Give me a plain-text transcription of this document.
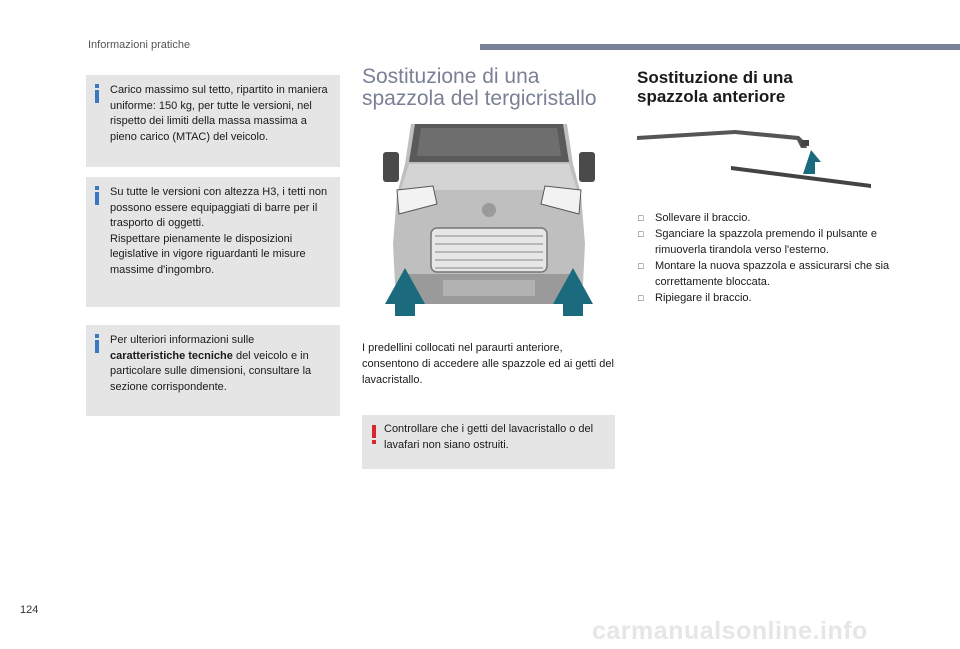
Informazioni pratiche

Carico massimo sul tetto, ripartito in maniera uniforme: 150 kg, per tutte le versioni, nel rispetto dei limiti della massa massima a pieno carico (MTAC) del veicolo.

Su tutte le versioni con altezza H3, i tetti non possono essere equipaggiati di barre per il trasporto di oggetti.

Rispettare pienamente le disposizioni legislative in vigore riguardanti le misure massime d'ingombro.

Per ulteriori informazioni sulle caratteristiche tecniche del veicolo e in particolare sulle dimensioni, consultare la sezione corrispondente.

Sostituzione di una
spazzola del tergicristallo

I predellini collocati nel paraurti anteriore, consentono di accedere alle spazzole ed ai getti del lavacristallo.

Controllare che i getti del lavacristallo o del lavafari non siano ostruiti.

Sostituzione di una
spazzola anteriore
□ Sollevare il braccio.
□ Sganciare la spazzola premendo il pulsante e rimuoverla tirandola verso l'esterno.
□ Montare la nuova spazzola e assicurarsi che sia correttamente bloccata.
□ Ripiegare il braccio.
124
carmanualsonline.info
